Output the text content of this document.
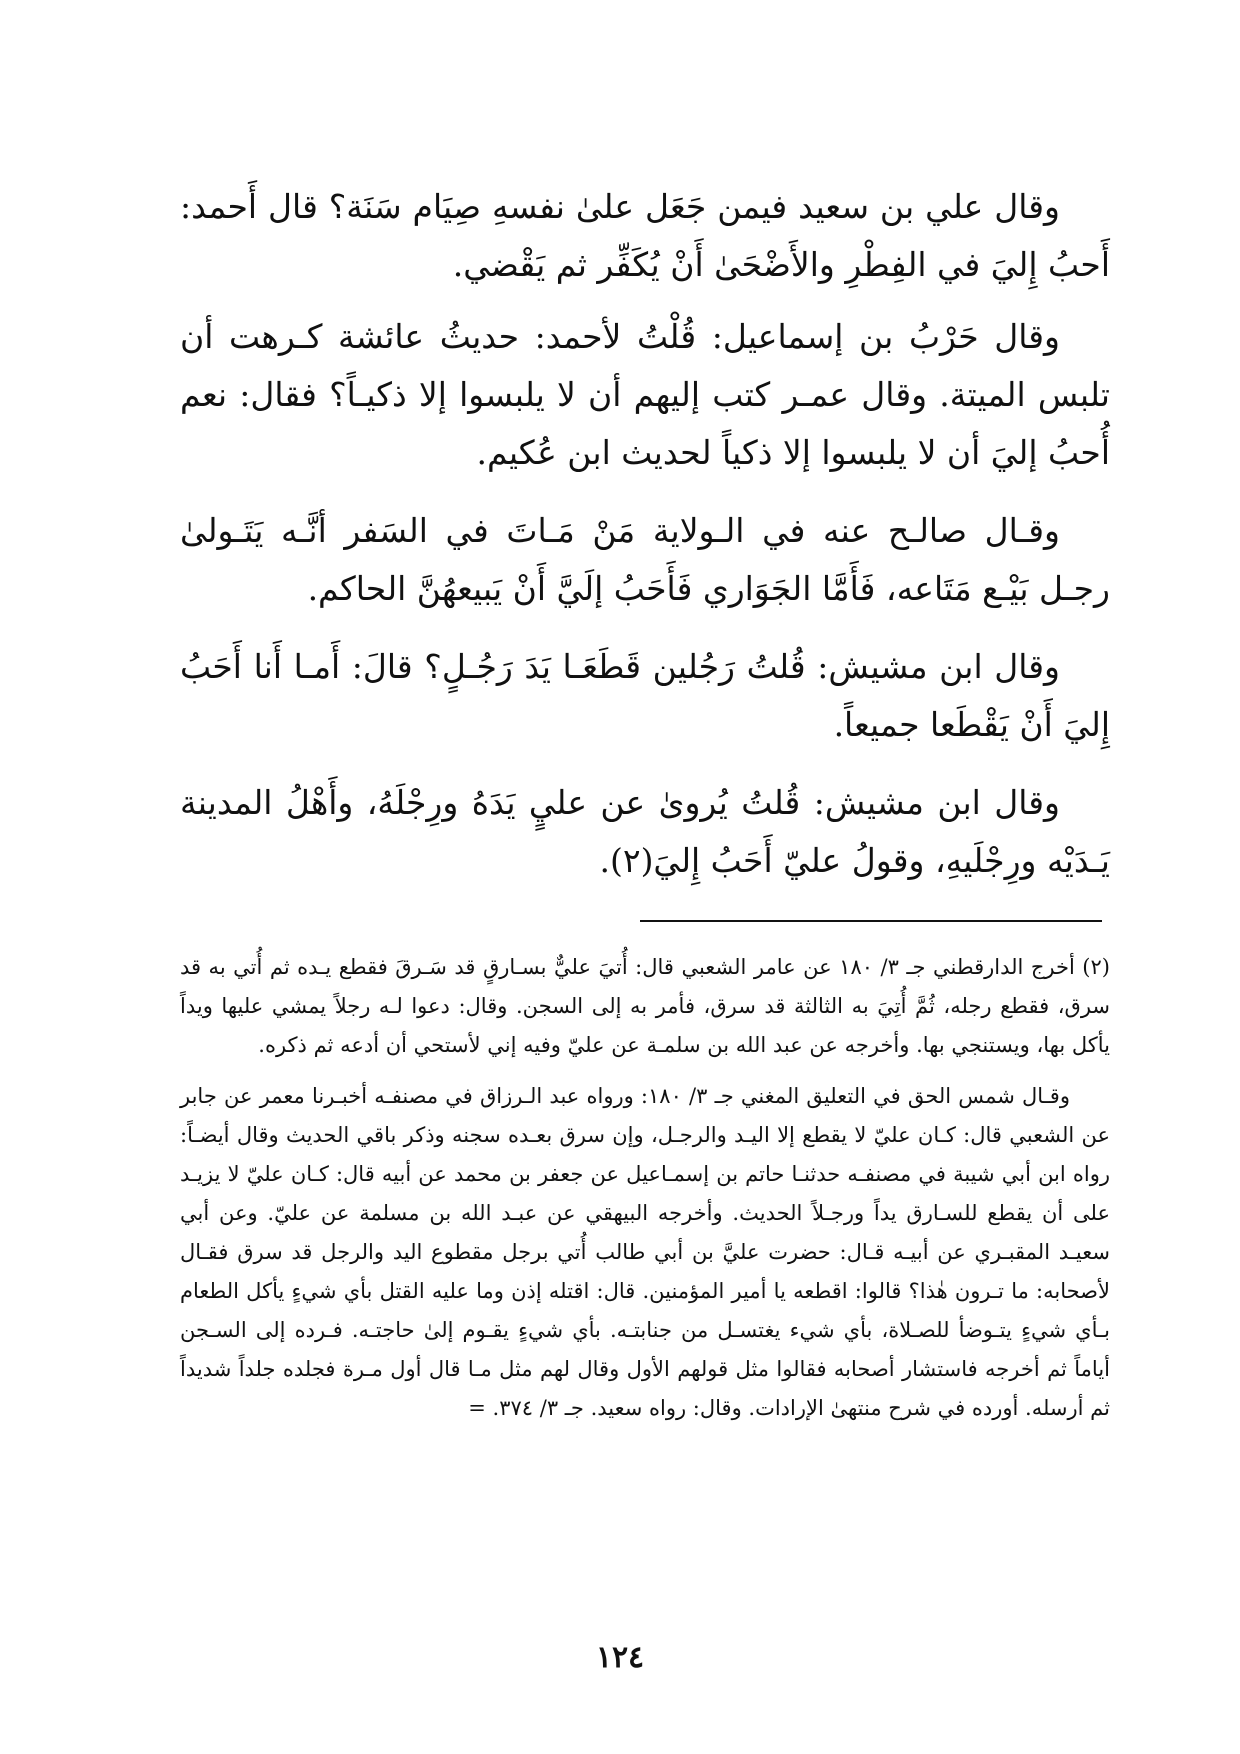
وقال علي بن سعيد فيمن جَعَل علىٰ نفسهِ صِيَام سَنَة؟ قال أَحمد: أَحبُ إِليَ في الفِطْرِ والأَضْحَىٰ أَنْ يُكَفِّر ثم يَقْضي.

وقال حَرْبُ بن إسماعيل: قُلْتُ لأحمد: حديثُ عائشة كـرهت أن تلبس الميتة. وقال عمـر كتب إليهم أن لا يلبسوا إلا ذكيـاً؟ فقال: نعم أُحبُ إليَ أن لا يلبسوا إلا ذكياً لحديث ابن عُكيم.

وقـال صالـح عنه في الـولاية مَنْ مَـاتَ في السَفر أنَّـه يَتَـولىٰ رجـل بَيْـع مَتَاعه، فَأَمَّا الجَوَاري فَأَحَبُ إلَيَّ أَنْ يَبيعهُنَّ الحاكم.

وقال ابن مشيش: قُلتُ رَجُلين قَطَعَـا يَدَ رَجُـلٍ؟ قالَ: أَمـا أَنا أَحَبُ إِليَ أَنْ يَقْطَعا جميعاً.

وقال ابن مشيش: قُلتُ يُروىٰ عن عليٍ يَدَهُ ورِجْلَهُ، وأَهْلُ المدينة يَـدَيْه ورِجْلَيهِ، وقولُ عليّ أَحَبُ إِليَ(٢).

(٢) أخرج الدارقطني جـ ٣/ ١٨٠ عن عامر الشعبي قال: أُتيَ عليٌّ بسـارقٍ قد سَـرقَ فقطع يـده ثم أُتي به قد سرق، فقطع رجله، ثُمَّ أُتِيَ به الثالثة قد سرق، فأمر به إلى السجن. وقال: دعوا لـه رجلاً يمشي عليها ويداً يأكل بها، ويستنجي بها. وأخرجه عن عبد الله بن سلمـة عن عليّ وفيه إني لأستحي أن أدعه ثم ذكره.

وقـال شمس الحق في التعليق المغني جـ ٣/ ١٨٠: ورواه عبد الـرزاق في مصنفـه أخبـرنا معمر عن جابر عن الشعبي قال: كـان عليّ لا يقطع إلا اليـد والرجـل، وإن سرق بعـده سجنه وذكر باقي الحديث وقال أيضـاً: رواه ابن أبي شيبة في مصنفـه حدثنـا حاتم بن إسمـاعيل عن جعفر بن محمد عن أبيه قال: كـان عليّ لا يزيـد على أن يقطع للسـارق يداً ورجـلاً الحديث. وأخرجه البيهقي عن عبـد الله بن مسلمة عن عليّ. وعن أبي سعيـد المقبـري عن أبيـه قـال: حضرت عليَّ بن أبي طالب أُتي برجل مقطوع اليد والرجل قد سرق فقـال لأصحابه: ما تـرون هٰذا؟ قالوا: اقطعه يا أمير المؤمنين. قال: اقتله إذن وما عليه القتل بأي شيءٍ يأكل الطعام بـأي شيءٍ يتـوضأ للصـلاة، بأي شيء يغتسـل من جنابتـه. بأي شيءٍ يقـوم إلىٰ حاجتـه. فـرده إلى السـجن أياماً ثم أخرجه فاستشار أصحابه فقالوا مثل قولهم الأول وقال لهم مثل مـا قال أول مـرة فجلده جلداً شديداً ثم أرسله. أورده في شرح منتهىٰ الإرادات. وقال: رواه سعيد. جـ ٣/ ٣٧٤. =

١٢٤
